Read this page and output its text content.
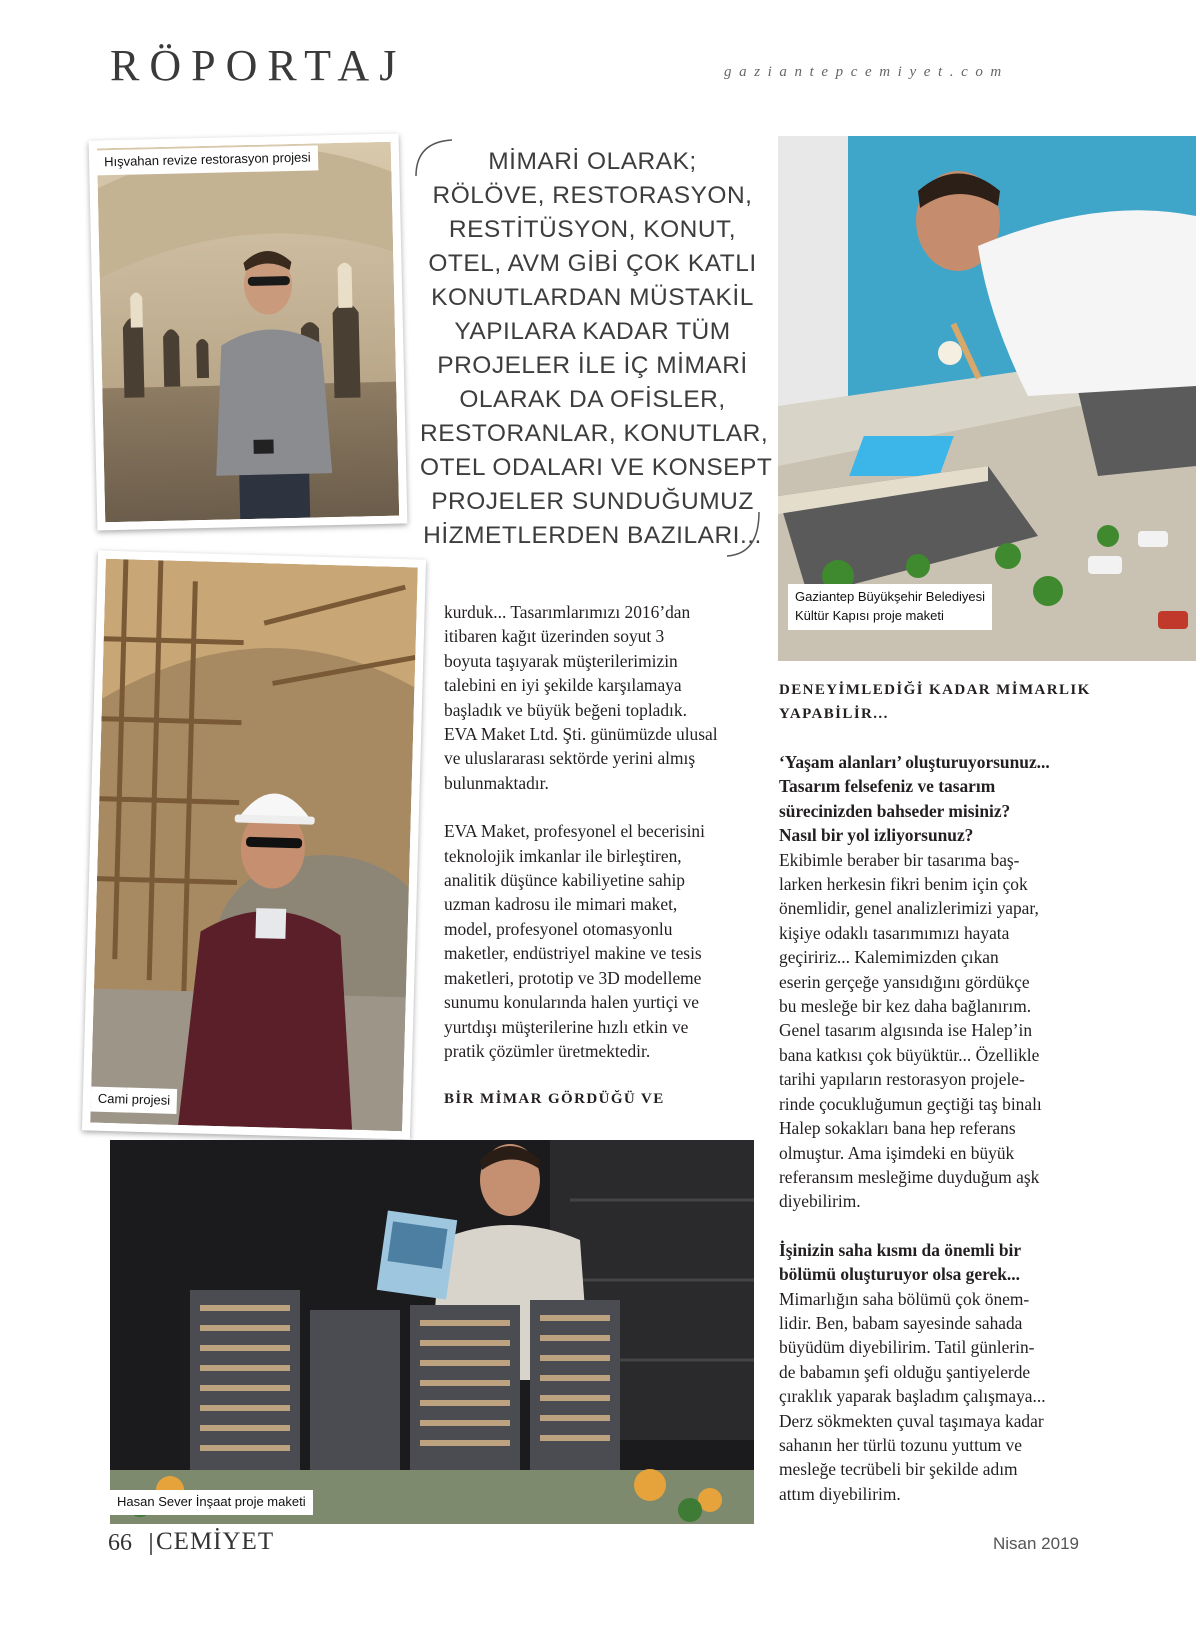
RÖPORTAJ	gaziantepcemiyet.com
Hışvahan revize restorasyon projesi	MİMARİ OLARAK;
RÖLÖVE, RESTORASYON,
RESTİTÜSYON, KONUT,
OTEL, AVM GİBİ ÇOK KATLI
KONUTLARDAN MÜSTAKİL
YAPILARA KADAR TÜM
PROJELER İLE İÇ MİMARİ
OLARAK DA OFİSLER,
RESTORANLAR, KONUTLAR,
OTEL ODALARI VE KONSEPT
PROJELER SUNDUĞUMUZ
HİZMETLERDEN BAZILARI...
Gaziantep Büyükşehir Belediyesi
Kültür Kapısı proje maketi
Cami projesi
Hasan Sever İnşaat proje maketi

kurduk... Tasarımlarımızı 2016’dan
itibaren kağıt üzerinden soyut 3
boyuta taşıyarak müşterilerimizin
talebini en iyi şekilde karşılamaya
başladık ve büyük beğeni topladık.
EVA Maket Ltd. Şti. günümüzde ulusal
ve uluslararası sektörde yerini almış
bulunmaktadır.

EVA Maket, profesyonel el becerisini
teknolojik imkanlar ile birleştiren,
analitik düşünce kabiliyetine sahip
uzman kadrosu ile mimari maket,
model, profesyonel otomasyonlu
maketler, endüstriyel makine ve tesis
maketleri, prototip ve 3D modelleme
sunumu konularında halen yurtiçi ve
yurtdışı müşterilerine hızlı etkin ve
pratik çözümler üretmektedir.

BİR MİMAR GÖRDÜĞÜ VE
DENEYİMLEDİĞİ KADAR MİMARLIK
YAPABİLİR...

‘Yaşam alanları’ oluşturuyorsunuz...
Tasarım felsefeniz ve tasarım
sürecinizden bahseder misiniz?
Nasıl bir yol izliyorsunuz?

Ekibimle beraber bir tasarıma baş-
larken herkesin fikri benim için çok
önemlidir, genel analizlerimizi yapar,
kişiye odaklı tasarımımızı hayata
geçiririz... Kalemimizden çıkan
eserin gerçeğe yansıdığını gördükçe
bu mesleğe bir kez daha bağlanırım.
Genel tasarım algısında ise Halep’in
bana katkısı çok büyüktür... Özellikle
tarihi yapıların restorasyon projele-
rinde çocukluğumun geçtiği taş binalı
Halep sokakları bana hep referans
olmuştur. Ama işimdeki en büyük
referansım mesleğime duyduğum aşk
diyebilirim.

İşinizin saha kısmı da önemli bir
bölümü oluşturuyor olsa gerek...

Mimarlığın saha bölümü çok önem-
lidir. Ben, babam sayesinde sahada
büyüdüm diyebilirim. Tatil günlerin-
de babamın şefi olduğu şantiyelerde
çıraklık yaparak başladım çalışmaya...
Derz sökmekten çuval taşımaya kadar
sahanın her türlü tozunu yuttum ve
mesleğe tecrübeli bir şekilde adım
attım diyebilirim.

66 CEMİYET	Nisan 2019
